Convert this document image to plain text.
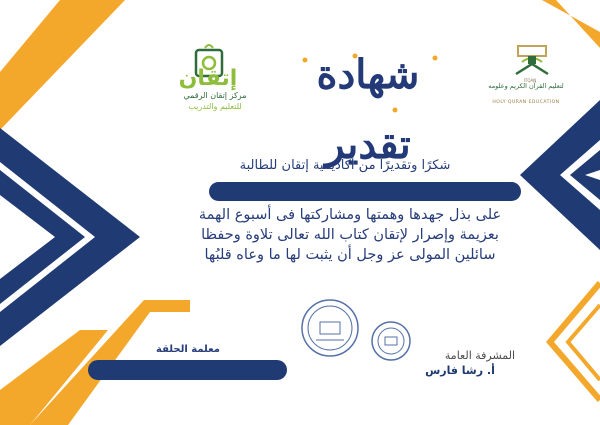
إتقان
مركز إتقان الرقمي
للتعليم والتدريب
شهادة تقدير
ITQAN
لتعليم القرآن الكريم وعلومه
HOLY QURAN EDUCATION
شكرًا وتقديرًا من أكاديمية إتقان للطالبة
على بذل جهدها وهمتها ومشاركتها فى أسبوع الهمة
بعزيمة وإصرار لإتقان كتاب الله تعالى تلاوة وحفظا
سائلين المولى عز وجل أن يثبت لها ما وعاه قلبُها
معلمة الحلقة	المشرفة العامة
أ. رشا فارس
